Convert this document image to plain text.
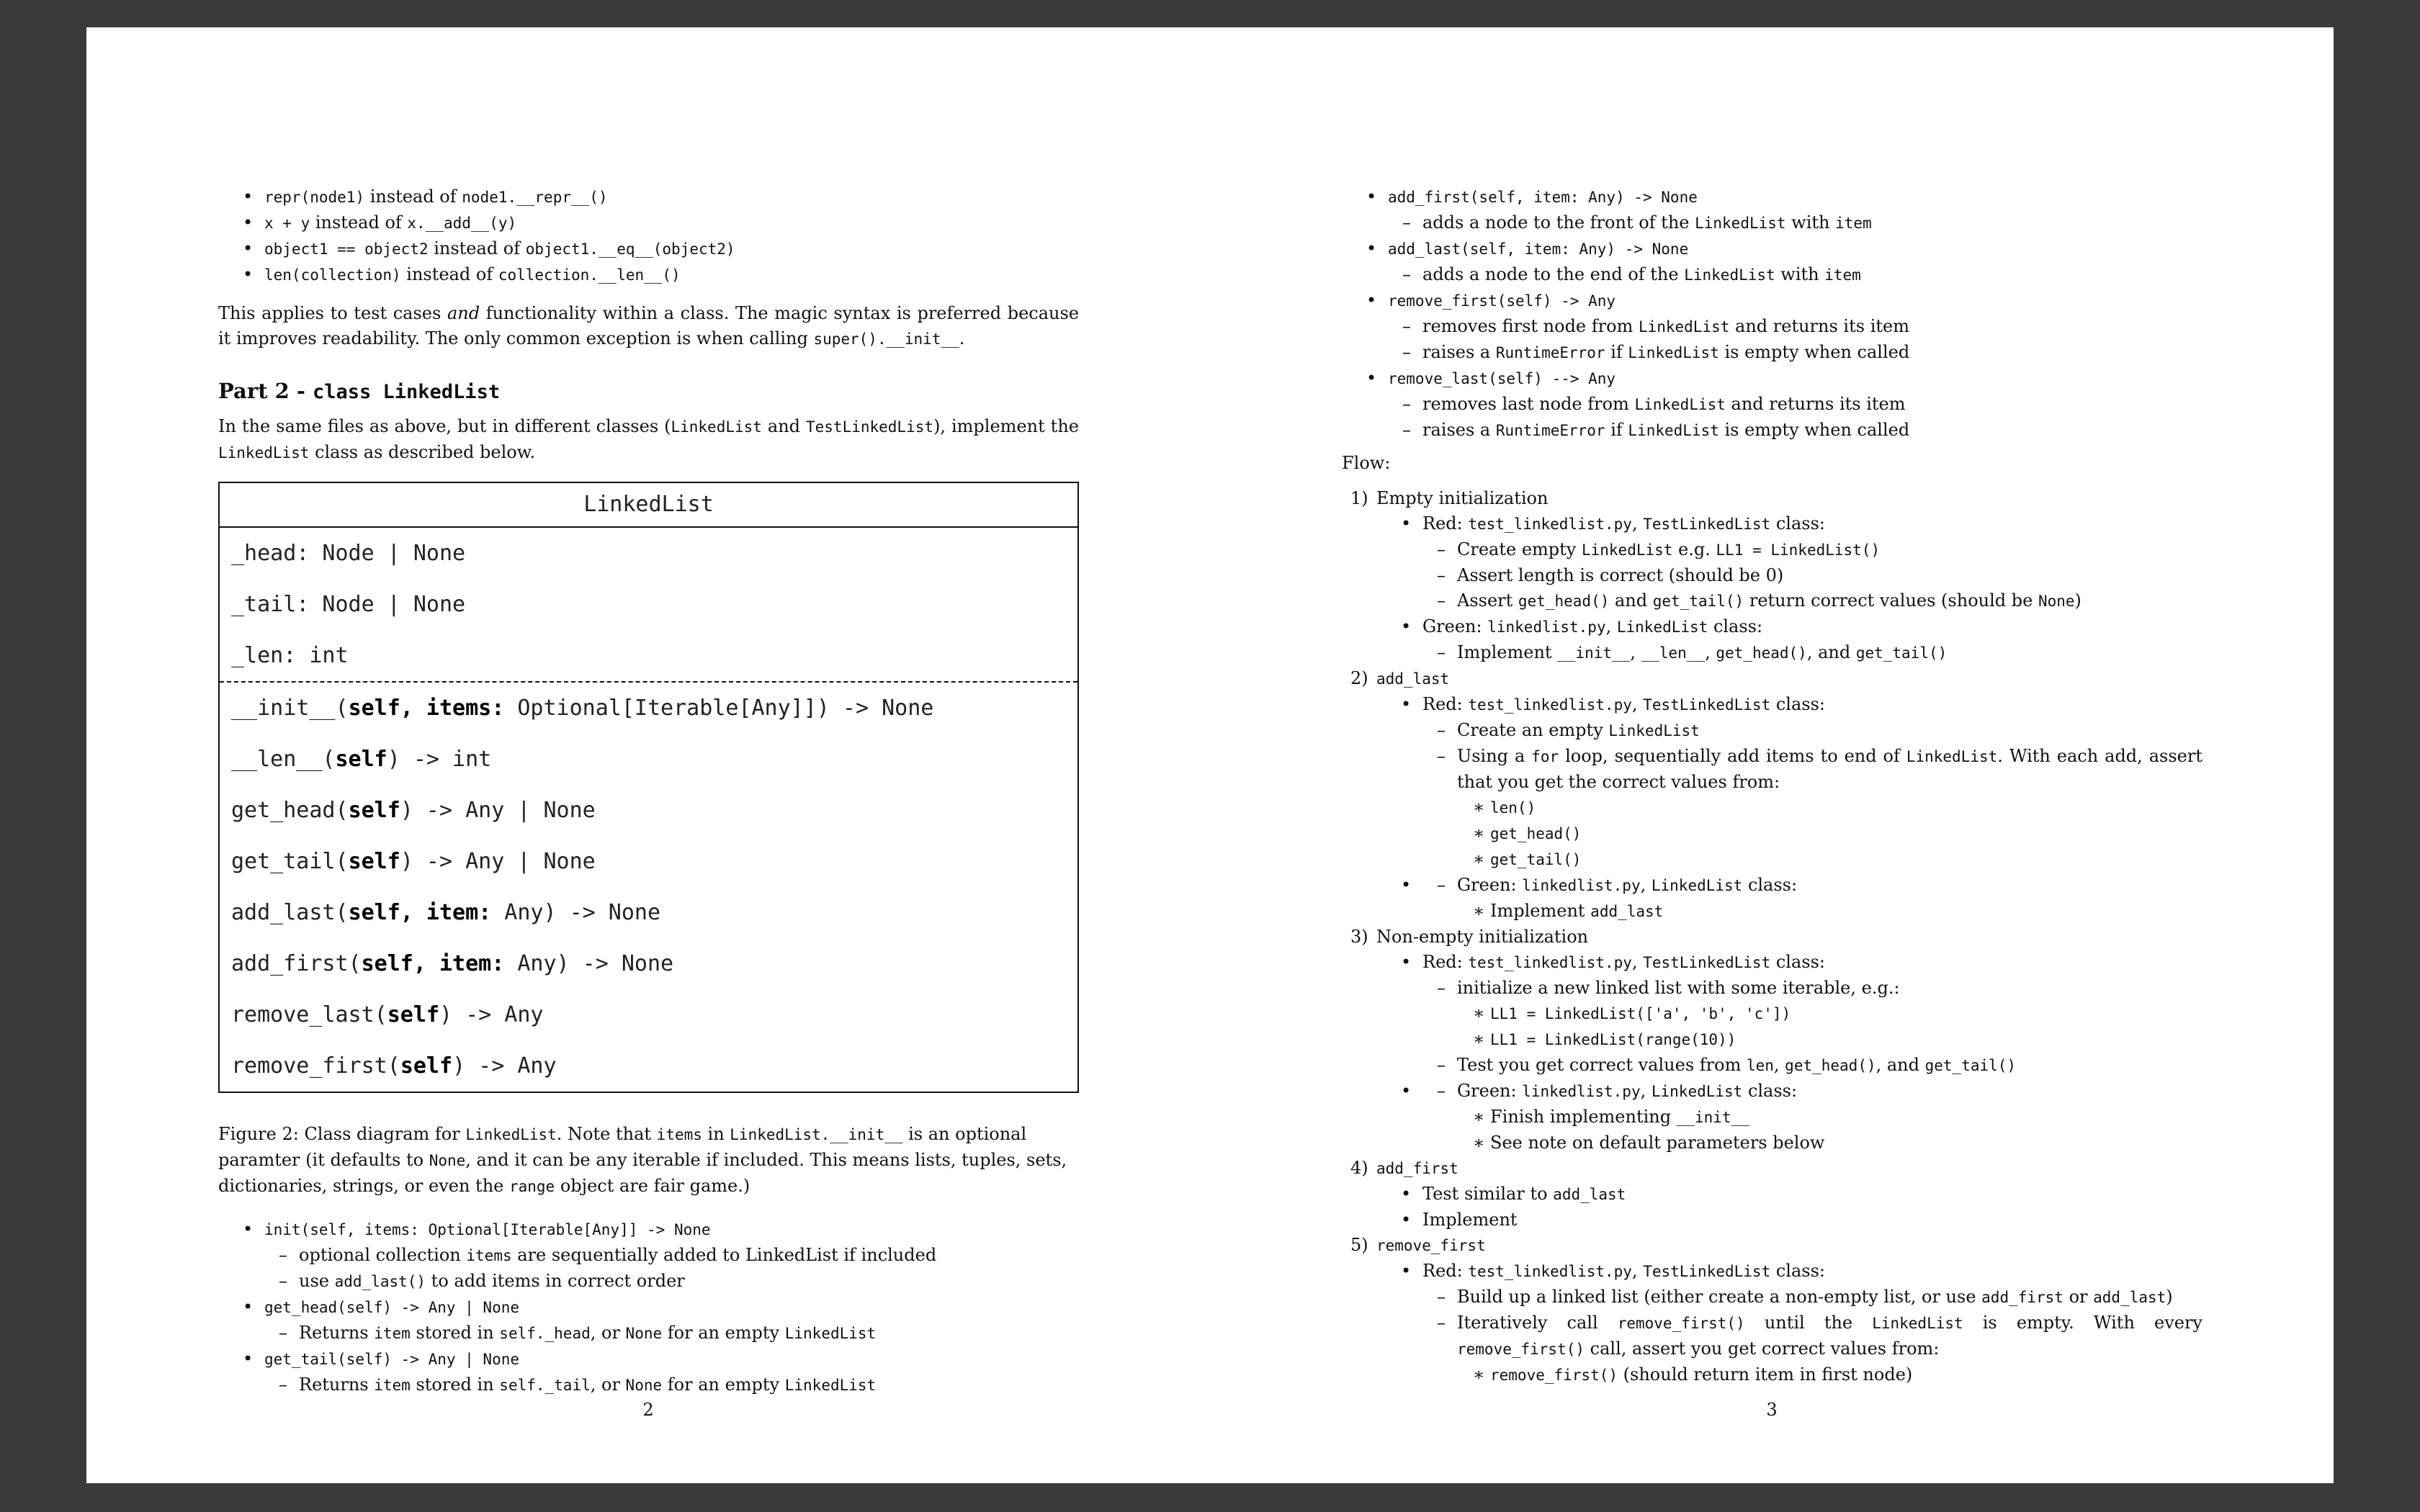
• repr(node1) instead of node1.__repr__()
• x + y instead of x.__add__(y)
• object1 == object2 instead of object1.__eq__(object2)
• len(collection) instead of collection.__len__()

This applies to test cases and functionality within a class. The magic syntax is preferred because it improves readability. The only common exception is when calling super().__init__.

Part 2 - class LinkedList

In the same files as above, but in different classes (LinkedList and TestLinkedList), implement the LinkedList class as described below.

LinkedList
_head: Node | None
_tail: Node | None
_len: int
__init__(self, items: Optional[Iterable[Any]]) -> None
__len__(self) -> int
get_head(self) -> Any | None
get_tail(self) -> Any | None
add_last(self, item: Any) -> None
add_first(self, item: Any) -> None
remove_last(self) -> Any
remove_first(self) -> Any

Figure 2: Class diagram for LinkedList. Note that items in LinkedList.__init__ is an optional paramter (it defaults to None, and it can be any iterable if included. This means lists, tuples, sets, dictionaries, strings, or even the range object are fair game.)

• init(self, items: Optional[Iterable[Any]] -> None
– optional collection items are sequentially added to LinkedList if included
– use add_last() to add items in correct order
• get_head(self) -> Any | None
– Returns item stored in self._head, or None for an empty LinkedList
• get_tail(self) -> Any | None
– Returns item stored in self._tail, or None for an empty LinkedList
2
• add_first(self, item: Any) -> None
– adds a node to the front of the LinkedList with item
• add_last(self, item: Any) -> None
– adds a node to the end of the LinkedList with item
• remove_first(self) -> Any
– removes first node from LinkedList and returns its item
– raises a RuntimeError if LinkedList is empty when called
• remove_last(self) --> Any
– removes last node from LinkedList and returns its item
– raises a RuntimeError if LinkedList is empty when called

Flow:

1) Empty initialization
• Red: test_linkedlist.py, TestLinkedList class:
– Create empty LinkedList e.g. LL1 = LinkedList()
– Assert length is correct (should be 0)
– Assert get_head() and get_tail() return correct values (should be None)
• Green: linkedlist.py, LinkedList class:
– Implement __init__, __len__, get_head(), and get_tail()
2) add_last
• Red: test_linkedlist.py, TestLinkedList class:
– Create an empty LinkedList
– Using a for loop, sequentially add items to end of LinkedList. With each add, assert that you get the correct values from:
∗ len()
∗ get_head()
∗ get_tail()
– • Green: linkedlist.py, LinkedList class:
∗ Implement add_last
3) Non-empty initialization
• Red: test_linkedlist.py, TestLinkedList class:
– initialize a new linked list with some iterable, e.g.:
∗ LL1 = LinkedList(['a', 'b', 'c'])
∗ LL1 = LinkedList(range(10))
– Test you get correct values from len, get_head(), and get_tail()
– • Green: linkedlist.py, LinkedList class:
∗ Finish implementing __init__
∗ See note on default parameters below
4) add_first
• Test similar to add_last
• Implement
5) remove_first
• Red: test_linkedlist.py, TestLinkedList class:
– Build up a linked list (either create a non-empty list, or use add_first or add_last)
– Iteratively call remove_first() until the LinkedList is empty. With every remove_first() call, assert you get correct values from:
∗ remove_first() (should return item in first node)
3
